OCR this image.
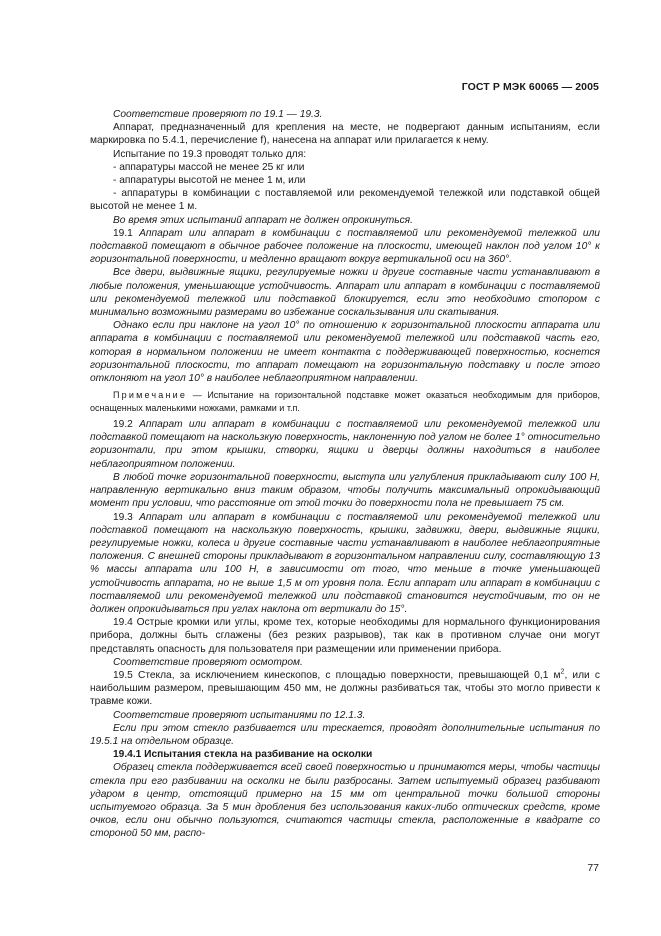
ГОСТ Р МЭК 60065 — 2005

Соответствие проверяют по 19.1 — 19.3.

Аппарат, предназначенный для крепления на месте, не подвергают данным испытаниям, если маркировка по 5.4.1, перечисление f), нанесена на аппарат или прилагается к нему.

Испытание по 19.3 проводят только для:

- аппаратуры массой не менее 25 кг или

- аппаратуры высотой не менее 1 м, или

- аппаратуры в комбинации с поставляемой или рекомендуемой тележкой или подставкой общей высотой не менее 1 м.

Во время этих испытаний аппарат не должен опрокинуться.

19.1 Аппарат или аппарат в комбинации с поставляемой или рекомендуемой тележкой или подставкой помещают в обычное рабочее положение на плоскости, имеющей наклон под углом 10° к горизонтальной поверхности, и медленно вращают вокруг вертикальной оси на 360°.

Все двери, выдвижные ящики, регулируемые ножки и другие составные части устанавливают в любые положения, уменьшающие устойчивость. Аппарат или аппарат в комбинации с поставляемой или рекомендуемой тележкой или подставкой блокируется, если это необходимо стопором с минимально возможными размерами во избежание соскальзывания или скатывания.

Однако если при наклоне на угол 10° по отношению к горизонтальной плоскости аппарата или аппарата в комбинации с поставляемой или рекомендуемой тележкой или подставкой часть его, которая в нормальном положении не имеет контакта с поддерживающей поверхностью, коснется горизонтальной плоскости, то аппарат помещают на горизонтальную подставку и после этого отклоняют на угол 10° в наиболее неблагоприятном направлении.

Примечание — Испытание на горизонтальной подставке может оказаться необходимым для приборов, оснащенных маленькими ножками, рамками и т.п.

19.2 Аппарат или аппарат в комбинации с поставляемой или рекомендуемой тележкой или подставкой помещают на наскользкую поверхность, наклоненную под углом не более 1° относительно горизонтали, при этом крышки, створки, ящики и дверцы должны находиться в наиболее неблагоприятном положении.

В любой точке горизонтальной поверхности, выступа или углубления прикладывают силу 100 Н, направленную вертикально вниз таким образом, чтобы получить максимальный опрокидывающий момент при условии, что расстояние от этой точки до поверхности пола не превышает 75 см.

19.3 Аппарат или аппарат в комбинации с поставляемой или рекомендуемой тележкой или подставкой помещают на наскользкую поверхность, крышки, задвижки, двери, выдвижные ящики, регулируемые ножки, колеса и другие составные части устанавливают в наиболее неблагоприятные положения. С внешней стороны прикладывают в горизонтальном направлении силу, составляющую 13 % массы аппарата или 100 Н, в зависимости от того, что меньше в точке уменьшающей устойчивость аппарата, но не выше 1,5 м от уровня пола. Если аппарат или аппарат в комбинации с поставляемой или рекомендуемой тележкой или подставкой становится неустойчивым, то он не должен опрокидываться при углах наклона от вертикали до 15°.

19.4 Острые кромки или углы, кроме тех, которые необходимы для нормального функционирования прибора, должны быть сглажены (без резких разрывов), так как в противном случае они могут представлять опасность для пользователя при размещении или применении прибора.

Соответствие проверяют осмотром.

19.5 Стекла, за исключением кинескопов, с площадью поверхности, превышающей 0,1 $м^2$, или с наибольшим размером, превышающим 450 мм, не должны разбиваться так, чтобы это могло привести к травме кожи.

Соответствие проверяют испытаниями по 12.1.3.

Если при этом стекло разбивается или трескается, проводят дополнительные испытания по 19.5.1 на отдельном образце.

19.4.1 Испытания стекла на разбивание на осколки

Образец стекла поддерживается всей своей поверхностью и принимаются меры, чтобы частицы стекла при его разбивании на осколки не были разбросаны. Затем испытуемый образец разбивают ударом в центр, отстоящий примерно на 15 мм от центральной точки большой стороны испытуемого образца. За 5 мин дробления без использования каких-либо оптических средств, кроме очков, если они обычно пользуются, считаются частицы стекла, расположенные в квадрате со стороной 50 мм, распо-

77
